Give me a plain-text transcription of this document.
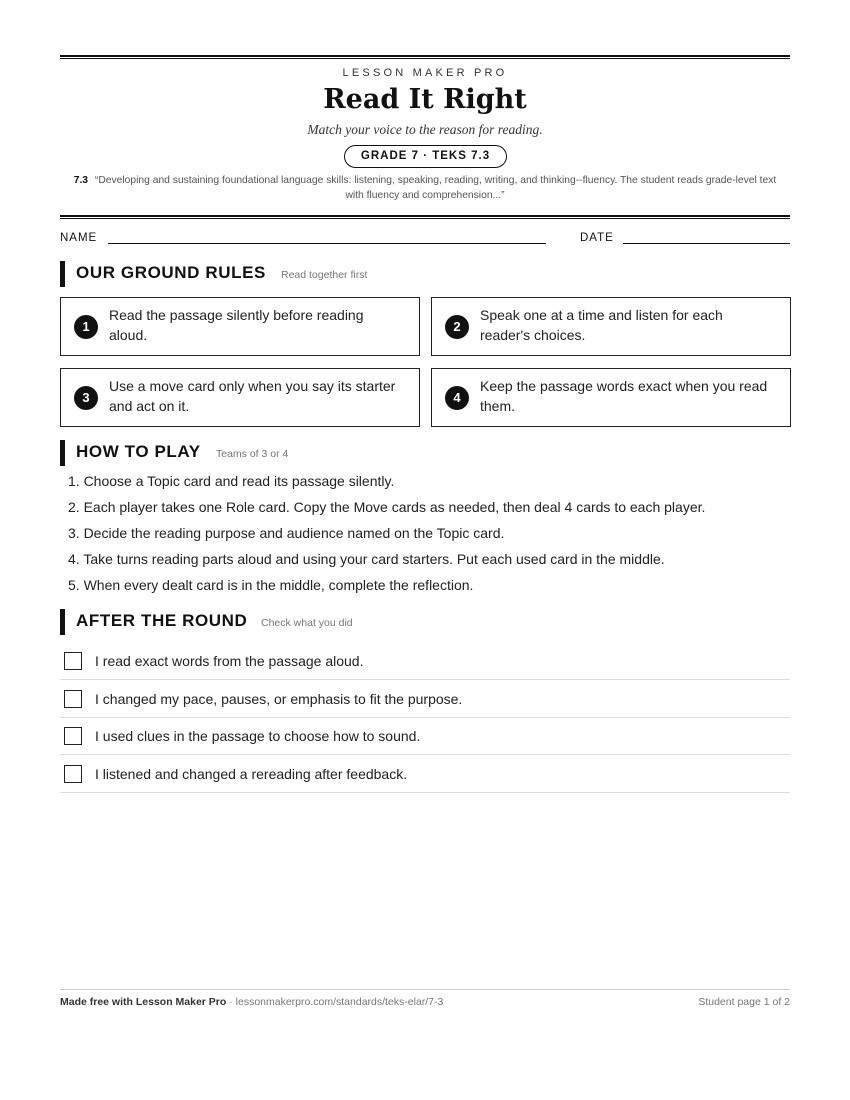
LESSON MAKER PRO
Read It Right
Match your voice to the reason for reading.
GRADE 7 · TEKS 7.3
7.3 “Developing and sustaining foundational language skills: listening, speaking, reading, writing, and thinking--fluency. The student reads grade-level text with fluency and comprehension...”
NAME	DATE
OUR GROUND RULES Read together first
1
Read the passage silently before reading aloud.	2
Speak one at a time and listen for each reader's choices.
3
Use a move card only when you say its starter and act on it.	4
Keep the passage words exact when you read them.
HOW TO PLAY Teams of 3 or 4
1. Choose a Topic card and read its passage silently.
2. Each player takes one Role card. Copy the Move cards as needed, then deal 4 cards to each player.
3. Decide the reading purpose and audience named on the Topic card.
4. Take turns reading parts aloud and using your card starters. Put each used card in the middle.
5. When every dealt card is in the middle, complete the reflection.
AFTER THE ROUND Check what you did
I read exact words from the passage aloud.
I changed my pace, pauses, or emphasis to fit the purpose.
I used clues in the passage to choose how to sound.
I listened and changed a rereading after feedback.
Made free with Lesson Maker Pro · lessonmakerpro.com/standards/teks-elar/7-3	Student page 1 of 2
